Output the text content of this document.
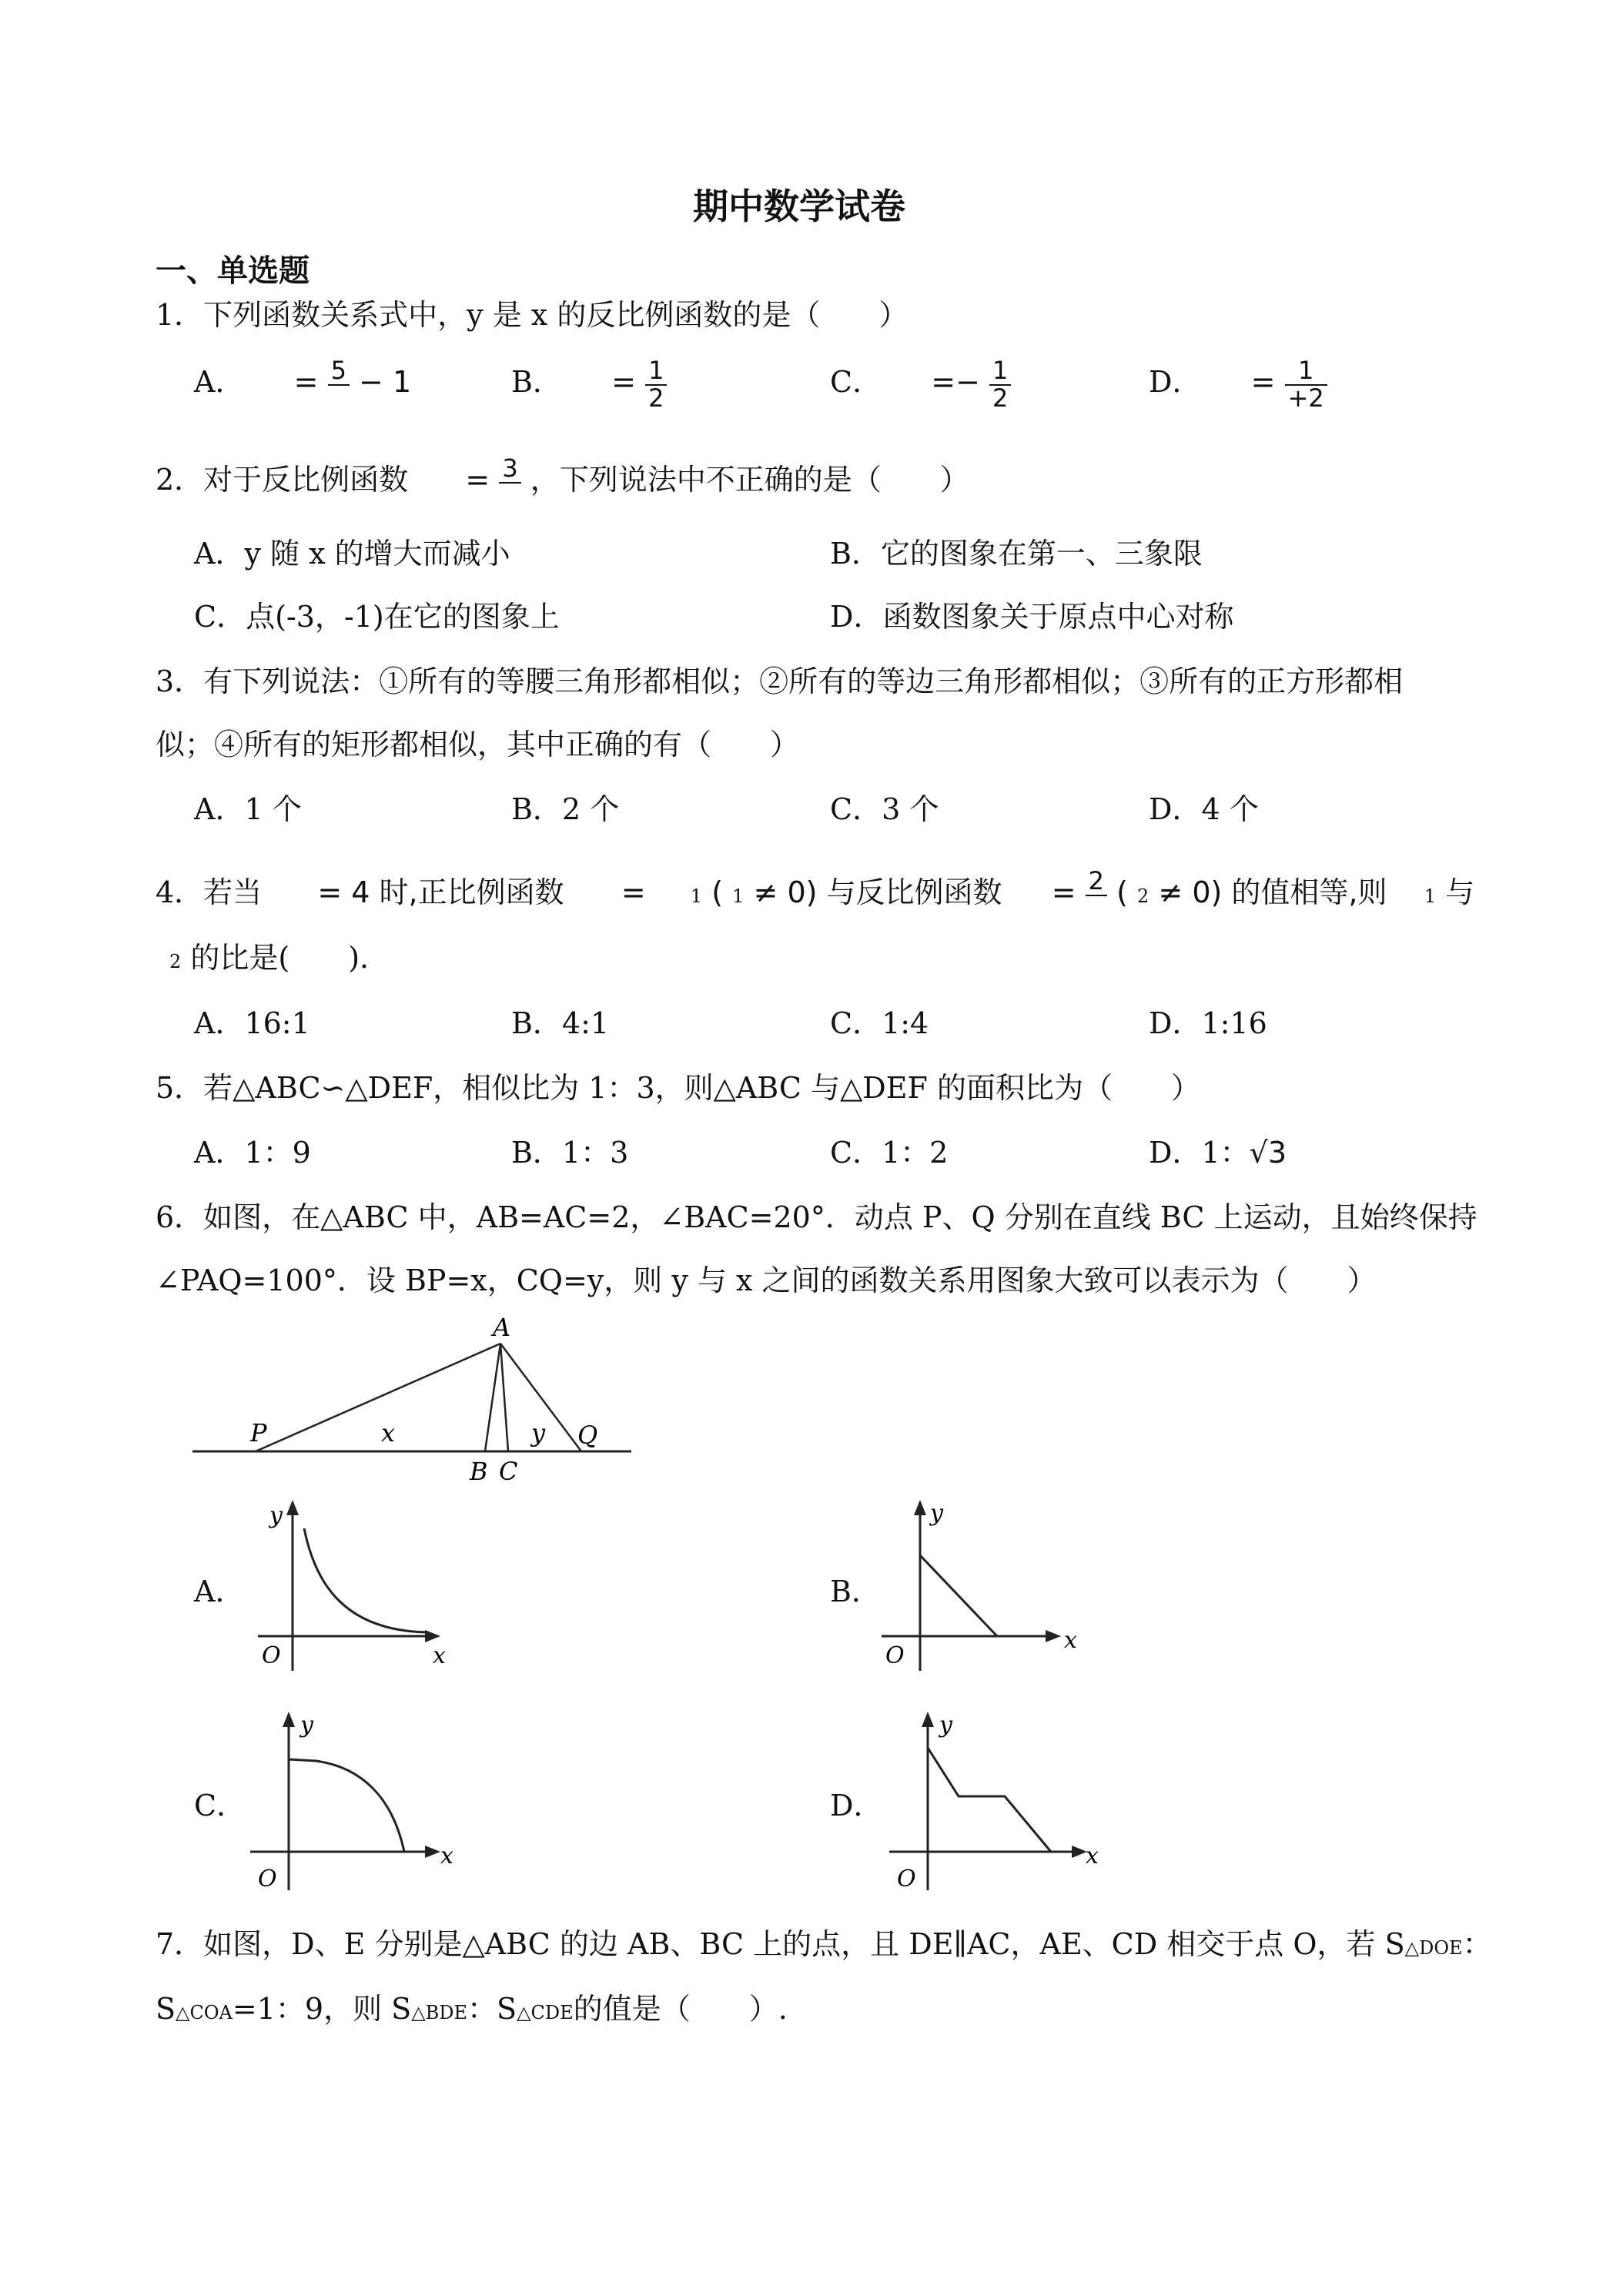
期中数学试卷
一、单选题
1．下列函数关系式中，y 是 x 的反比例函数的是（　　）
A． = 5
− 1	B． = $\frac{1}{2}$	C． =− $\frac{1}{2}$	D． = $\frac{1}{+2}$
2．对于反比例函数 = 3
，下列说法中不正确的是（　　）
A．y 随 x 的增大而减小	B．它的图象在第一、三象限
C．点(-3，-1)在它的图象上	D．函数图象关于原点中心对称
3．有下列说法：①所有的等腰三角形都相似；②所有的等边三角形都相似；③所有的正方形都相
似；④所有的矩形都相似，其中正确的有（　　）
A．1 个	B．2 个	C．3 个	D．4 个
4．若当 = 4 时,正比例函数 = 1 ( 1 ≠ 0) 与反比例函数 = 2
( 2 ≠ 0) 的值相等,则 1 与
2 的比是(　　).
A．16:1	B．4:1	C．1:4	D．1:16
5．若△ABC∽△DEF，相似比为 1：3，则△ABC 与△DEF 的面积比为（　　）
A．1：9	B．1：3	C．1：2	D．1：√3
6．如图，在△ABC 中，AB=AC=2，∠BAC=20°．动点 P、Q 分别在直线 BC 上运动，且始终保持
∠PAQ=100°．设 BP=x，CQ=y，则 y 与 x 之间的函数关系用图象大致可以表示为（　　）
A
P	x
B C
y Q
A．
y
x
O
B．
y
x
O
C．
y
x
O
D．
y
x
O
7．如图，D、E 分别是△ABC 的边 AB、BC 上的点，且 DE∥AC，AE、CD 相交于点 O，若 S△DOE：
S△COA=1：9，则 S△BDE：S△CDE的值是（　　）.
